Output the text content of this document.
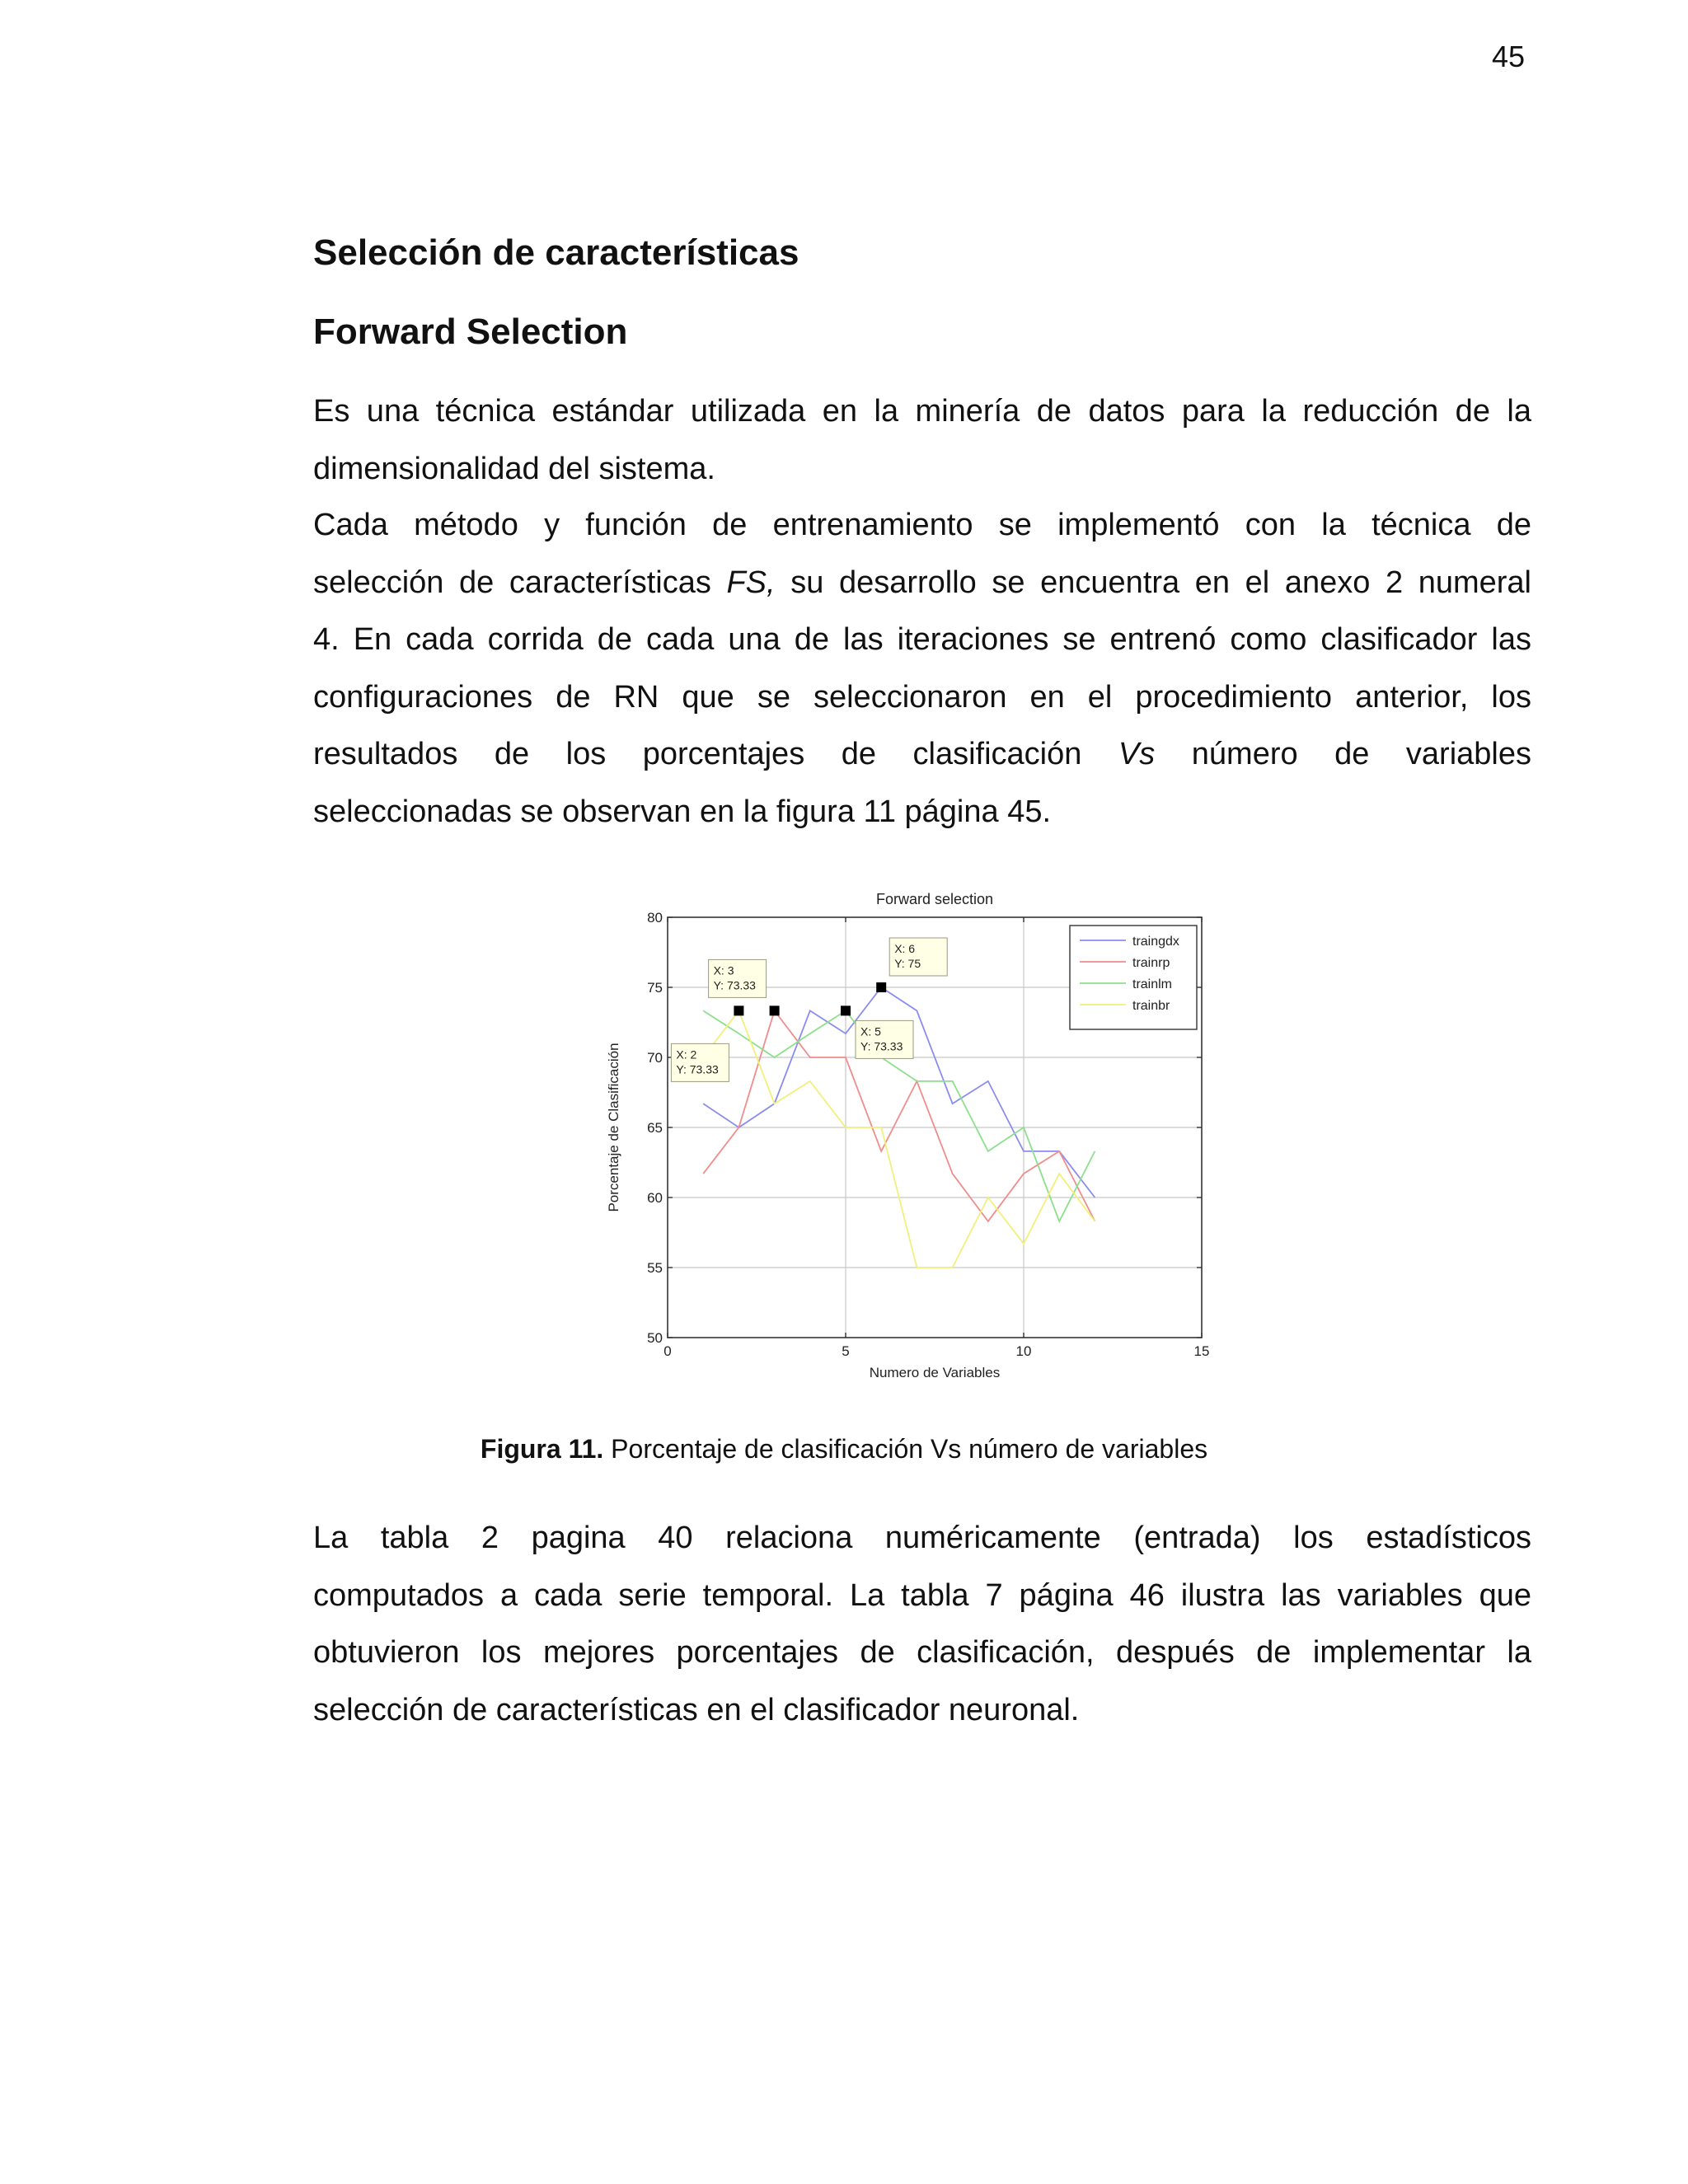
45
Selección de características
Forward Selection
Es una técnica estándar utilizada en la minería de datos para la reducción de la
dimensionalidad del sistema.
Cada método y función de entrenamiento se implementó con la técnica de
selección de características FS, su desarrollo se encuentra en el anexo 2 numeral
4. En cada corrida de cada una de las iteraciones se entrenó como clasificador las
configuraciones de RN que se seleccionaron en el procedimiento anterior, los
resultados de los porcentajes de clasificación Vs número de variables
seleccionadas se observan en la figura 11 página 45.
0	5	10	15
50
55
60
65
70
75
80
Forward selection
Numero de Variables
Porcentaje de Clasificación	X: 2
Y: 73.33
X: 3
Y: 73.33
X: 5
Y: 73.33
X: 6
Y: 75
traingdx
trainrp
trainlm
trainbr
Figura 11. Porcentaje de clasificación Vs número de variables
La tabla 2 pagina 40 relaciona numéricamente (entrada) los estadísticos
computados a cada serie temporal. La tabla 7 página 46 ilustra las variables que
obtuvieron los mejores porcentajes de clasificación, después de implementar la
selección de características en el clasificador neuronal.
